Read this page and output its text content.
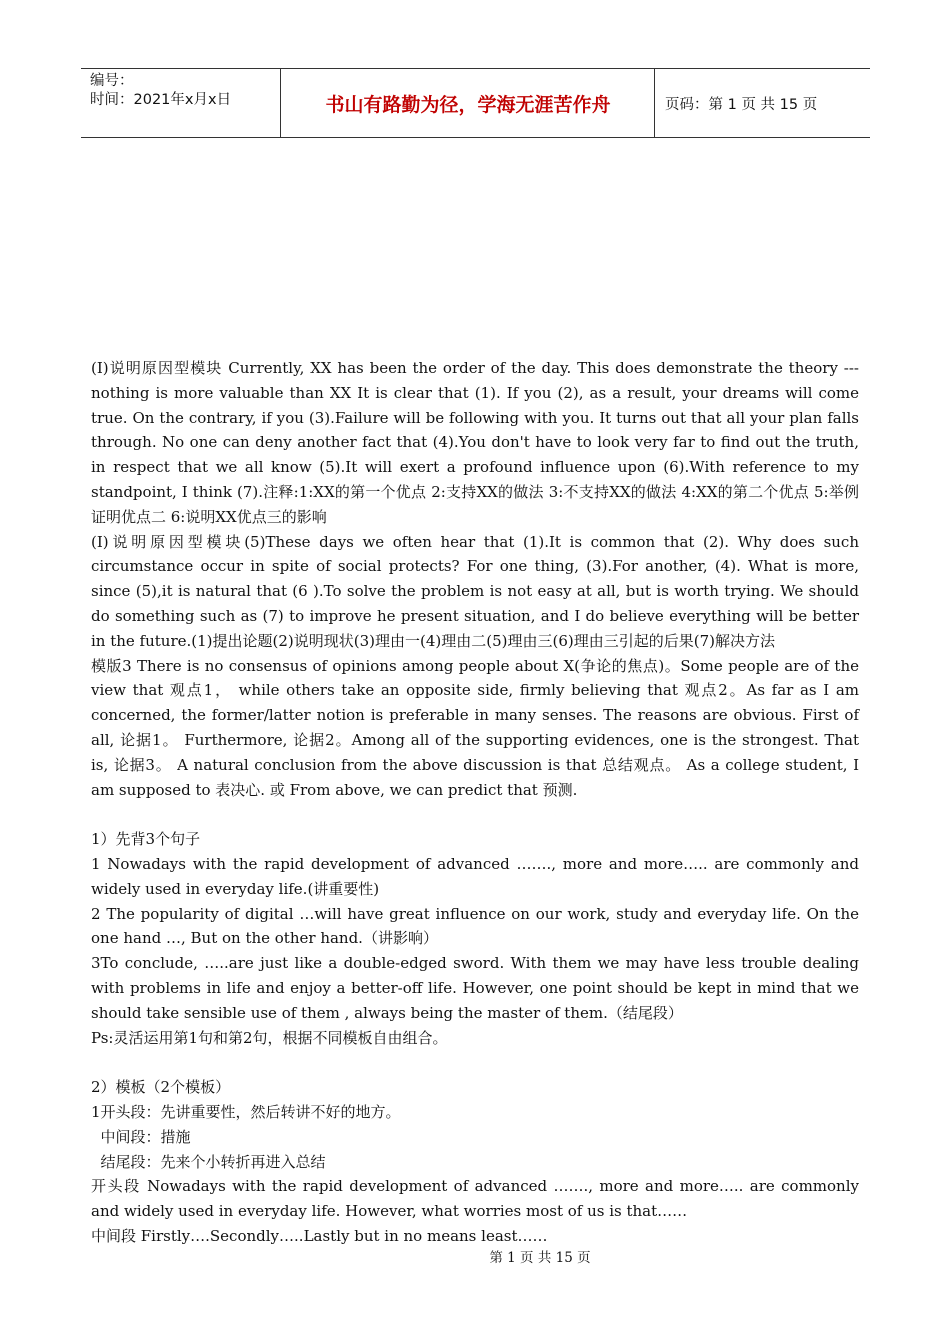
编号：
时间：2021年x月x日	书山有路勤为径，学海无涯苦作舟	页码：第 1 页 共 15 页

(I)说明原因型模块 Currently, XX has been the order of the day. This does demonstrate the theory --- nothing is more valuable than XX It is clear that (1). If you (2), as a result, your dreams will come true. On the contrary, if you (3).Failure will be following with you. It turns out that all your plan falls through. No one can deny another fact that (4).You don't have to look very far to find out the truth, in respect that we all know (5).It will exert a profound influence upon (6).With reference to my standpoint, I think (7).注释:1:XX的第一个优点 2:支持XX的做法 3:不支持XX的做法 4:XX的第二个优点 5:举例证明优点二 6:说明XX优点三的影响

(I)说明原因型模块(5)These days we often hear that (1).It is common that (2). Why does such circumstance occur in spite of social protects? For one thing, (3).For another, (4). What is more, since (5),it is natural that (6 ).To solve the problem is not easy at all, but is worth trying. We should do something such as (7) to improve he present situation, and I do believe everything will be better in the future.(1)提出论题(2)说明现状(3)理由一(4)理由二(5)理由三(6)理由三引起的后果(7)解决方法

模版3 There is no consensus of opinions among people about X(争论的焦点)。Some people are of the view that 观点1， while others take an opposite side, firmly believing that 观点2。As far as I am concerned, the former/latter notion is preferable in many senses. The reasons are obvious. First of all, 论据1。 Furthermore, 论据2。Among all of the supporting evidences, one is the strongest. That is, 论据3。 A natural conclusion from the above discussion is that 总结观点。 As a college student, I am supposed to 表决心. 或 From above, we can predict that 预测.

1）先背3个句子

1 Nowadays with the rapid development of advanced ……., more and more….. are commonly and widely used in everyday life.(讲重要性)

2 The popularity of digital …will have great influence on our work, study and everyday life. On the one hand …, But on the other hand.（讲影响）

3To conclude, …..are just like a double-edged sword. With them we may have less trouble dealing with problems in life and enjoy a better-off life. However, one point should be kept in mind that we should take sensible use of them , always being the master of them.（结尾段）

Ps:灵活运用第1句和第2句，根据不同模板自由组合。

2）模板（2个模板）

1开头段：先讲重要性，然后转讲不好的地方。

中间段：措施

结尾段：先来个小转折再进入总结

开头段 Nowadays with the rapid development of advanced ……., more and more….. are commonly and widely used in everyday life. However, what worries most of us is that……

中间段 Firstly….Secondly…..Lastly but in no means least……

第 1 页 共 15 页
